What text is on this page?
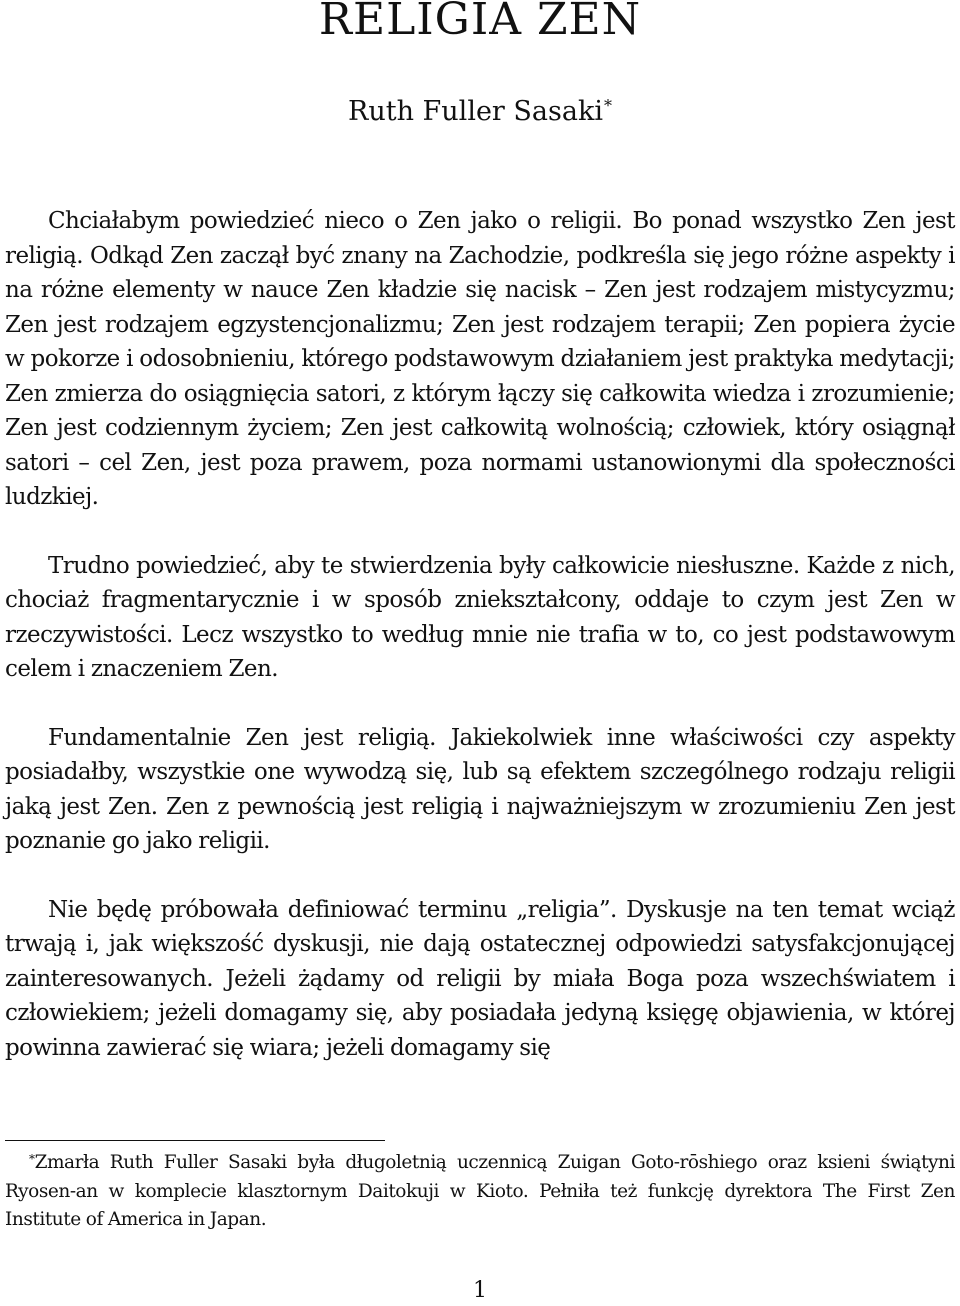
RELIGIA ZEN
Ruth Fuller Sasaki*

Chciałabym powiedzieć nieco o Zen jako o religii. Bo ponad wszystko Zen jest religią. Odkąd Zen zaczął być znany na Zachodzie, podkreśla się jego różne aspekty i na różne elementy w nauce Zen kładzie się nacisk – Zen jest rodzajem mistycyzmu; Zen jest rodzajem egzystencjonalizmu; Zen jest rodzajem terapii; Zen popiera życie w pokorze i odosobnieniu, którego podstawowym działaniem jest praktyka medytacji; Zen zmierza do osiągnięcia satori, z którym łączy się całkowita wiedza i zrozumienie; Zen jest codziennym życiem; Zen jest całkowitą wolnością; człowiek, który osiągnął satori – cel Zen, jest poza prawem, poza normami ustanowionymi dla społeczności ludzkiej.

Trudno powiedzieć, aby te stwierdzenia były całkowicie niesłuszne. Każde z nich, chociaż fragmentarycznie i w sposób zniekształcony, oddaje to czym jest Zen w rzeczywistości. Lecz wszystko to według mnie nie trafia w to, co jest podstawowym celem i znaczeniem Zen.

Fundamentalnie Zen jest religią. Jakiekolwiek inne właściwości czy aspekty posiadałby, wszystkie one wywodzą się, lub są efektem szczególnego rodzaju religii jaką jest Zen. Zen z pewnością jest religią i najważniejszym w zrozumieniu Zen jest poznanie go jako religii.

Nie będę próbowała definiować terminu „religia”. Dyskusje na ten temat wciąż trwają i, jak większość dyskusji, nie dają ostatecznej odpowiedzi satysfakcjonującej zainteresowanych. Jeżeli żądamy od religii by miała Boga poza wszechświatem i człowiekiem; jeżeli domagamy się, aby posiadała jedyną księgę objawienia, w której powinna zawierać się wiara; jeżeli domagamy się

*Zmarła Ruth Fuller Sasaki była długoletnią uczennicą Zuigan Goto-rōshiego oraz ksieni świątyni Ryosen-an w komplecie klasztornym Daitokuji w Kioto. Pełniła też funkcję dyrektora The First Zen Institute of America in Japan.

1
